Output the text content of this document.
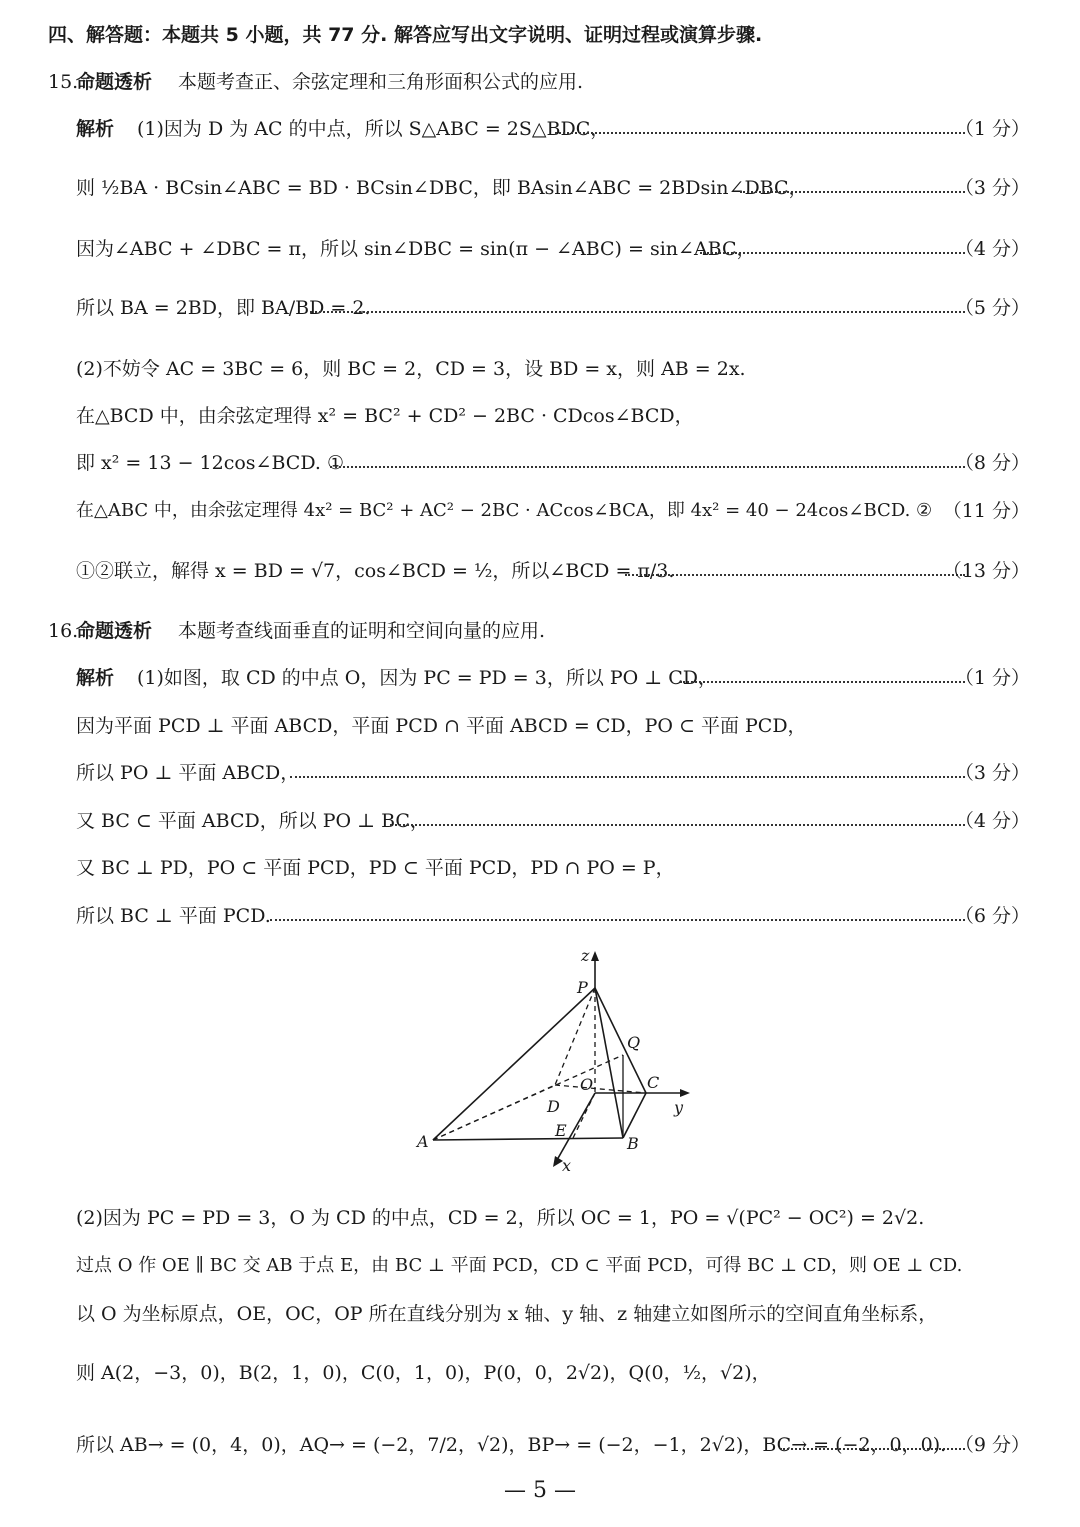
四、解答题：本题共 5 小题，共 77 分. 解答应写出文字说明、证明过程或演算步骤.
15.
命题透析 本题考查正、余弦定理和三角形面积公式的应用.
解析 (1)因为 D 为 AC 的中点，所以 S△ABC = 2S△BDC，	（1 分）
则 ½BA · BCsin∠ABC = BD · BCsin∠DBC，即 BAsin∠ABC = 2BDsin∠DBC，	（3 分）
因为∠ABC + ∠DBC = π，所以 sin∠DBC = sin(π − ∠ABC) = sin∠ABC，	（4 分）
所以 BA = 2BD，即 BA/BD = 2.	（5 分）
(2)不妨令 AC = 3BC = 6，则 BC = 2，CD = 3，设 BD = x，则 AB = 2x.
在△BCD 中，由余弦定理得 x² = BC² + CD² − 2BC · CDcos∠BCD，
即 x² = 13 − 12cos∠BCD. ①	（8 分）
在△ABC 中，由余弦定理得 4x² = BC² + AC² − 2BC · ACcos∠BCA，即 4x² = 40 − 24cos∠BCD. ② （11 分）
①②联立，解得 x = BD = √7，cos∠BCD = ½，所以∠BCD = π/3.	（13 分）
16.
命题透析 本题考查线面垂直的证明和空间向量的应用.
解析 (1)如图，取 CD 的中点 O，因为 PC = PD = 3，所以 PO ⊥ CD，	（1 分）
因为平面 PCD ⊥ 平面 ABCD，平面 PCD ∩ 平面 ABCD = CD，PO ⊂ 平面 PCD，
所以 PO ⊥ 平面 ABCD，	（3 分）
又 BC ⊂ 平面 ABCD，所以 PO ⊥ BC，	（4 分）
又 BC ⊥ PD，PO ⊂ 平面 PCD，PD ⊂ 平面 PCD，PD ∩ PO = P，
所以 BC ⊥ 平面 PCD.	（6 分）
z
P
Q
O	C
D	y
E
A	B
x
(2)因为 PC = PD = 3，O 为 CD 的中点，CD = 2，所以 OC = 1，PO = √(PC² − OC²) = 2√2.
过点 O 作 OE ∥ BC 交 AB 于点 E，由 BC ⊥ 平面 PCD，CD ⊂ 平面 PCD，可得 BC ⊥ CD，则 OE ⊥ CD.
以 O 为坐标原点，OE，OC，OP 所在直线分别为 x 轴、y 轴、z 轴建立如图所示的空间直角坐标系，
则 A(2，−3，0)，B(2，1，0)，C(0，1，0)，P(0，0，2√2)，Q(0，½，√2)，
所以 AB→ = (0，4，0)，AQ→ = (−2，7/2，√2)，BP→ = (−2，−1，2√2)，BC→ = (−2，0，0). （9 分）
— 5 —
